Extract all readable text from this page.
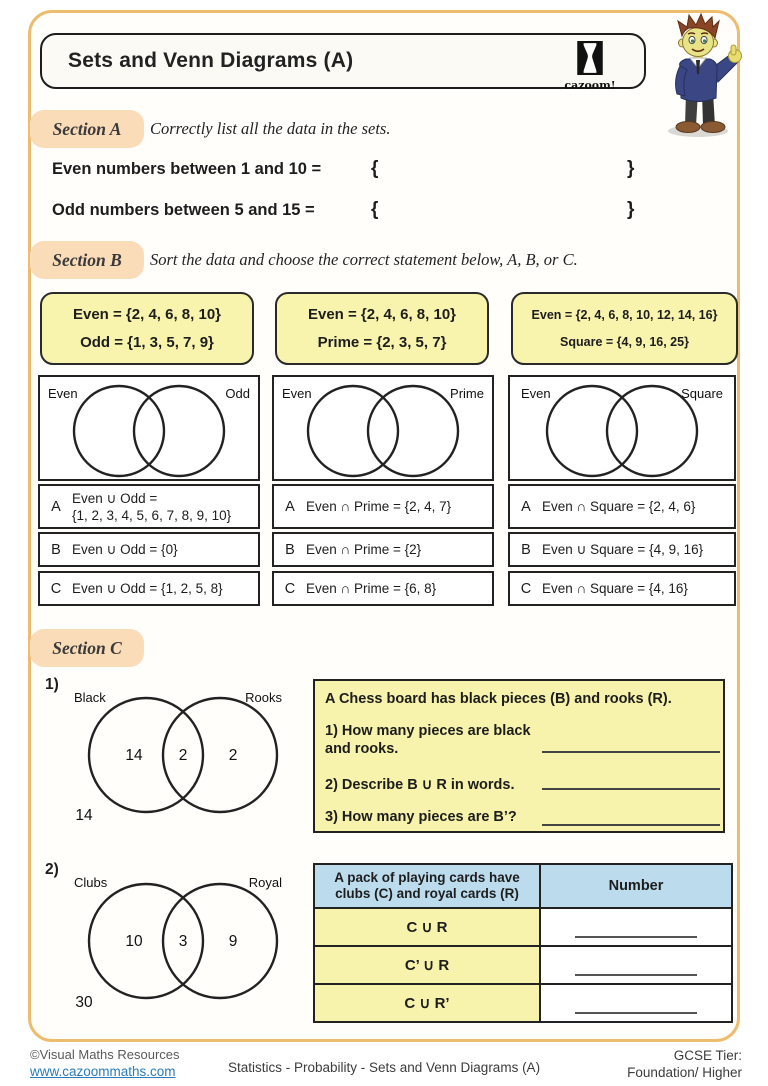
Sets and Venn Diagrams (A)
cazoom!
Section A	Correctly list all the data in the sets.
Even numbers between 1 and 10 =	{	}
Odd numbers between 5 and 15 =	{	}
Section B	Sort the data and choose the correct statement below, A, B, or C.
Even = {2, 4, 6, 8, 10}
Odd = {1, 3, 5, 7, 9}
Even = {2, 4, 6, 8, 10}
Prime = {2, 3, 5, 7}
Even = {2, 4, 6, 8, 10, 12, 14, 16}
Square = {4, 9, 16, 25}
Even	Odd
A
Even ∪ Odd =
{1, 2, 3, 4, 5, 6, 7, 8, 9, 10}
B Even ∪ Odd = {0}
C Even ∪ Odd = {1, 2, 5, 8}
Even	Prime
A Even ∩ Prime = {2, 4, 7}
B Even ∩ Prime = {2}
C Even ∩ Prime = {6, 8}
Even	Square
A Even ∩ Square = {2, 4, 6}
B Even ∪ Square = {4, 9, 16}
C Even ∩ Square = {4, 16}
Section C
1)
Black	Rooks
14 2	2
14
A Chess board has black pieces (B) and rooks (R).
1) How many pieces are black
and rooks.
2) Describe B ∪ R in words.
3) How many pieces are B’?
2)
Clubs	Royal
10 3	9
30
A pack of playing cards have
clubs (C) and royal cards (R)	Number
C ∪ R
C’ ∪ R
C ∪ R’
©Visual Maths Resources
www.cazoommaths.com	Statistics - Probability - Sets and Venn Diagrams (A)
GCSE Tier:
Foundation/ Higher
